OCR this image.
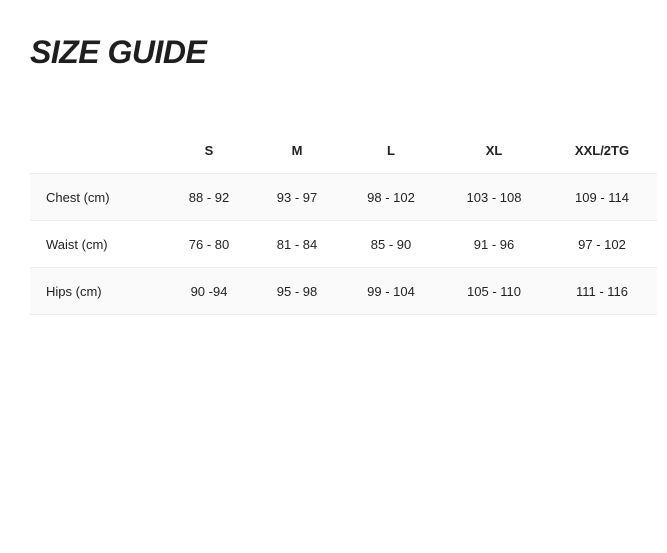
SIZE GUIDE
	S	M	L	XL	XXL/2TG
Chest (cm)	88 - 92	93 - 97	98 - 102	103 - 108	109 - 114
Waist (cm)	76 - 80	81 - 84	85 - 90	91 - 96	97 - 102
Hips (cm)	90 -94	95 - 98	99 - 104	105 - 110	111 - 116
